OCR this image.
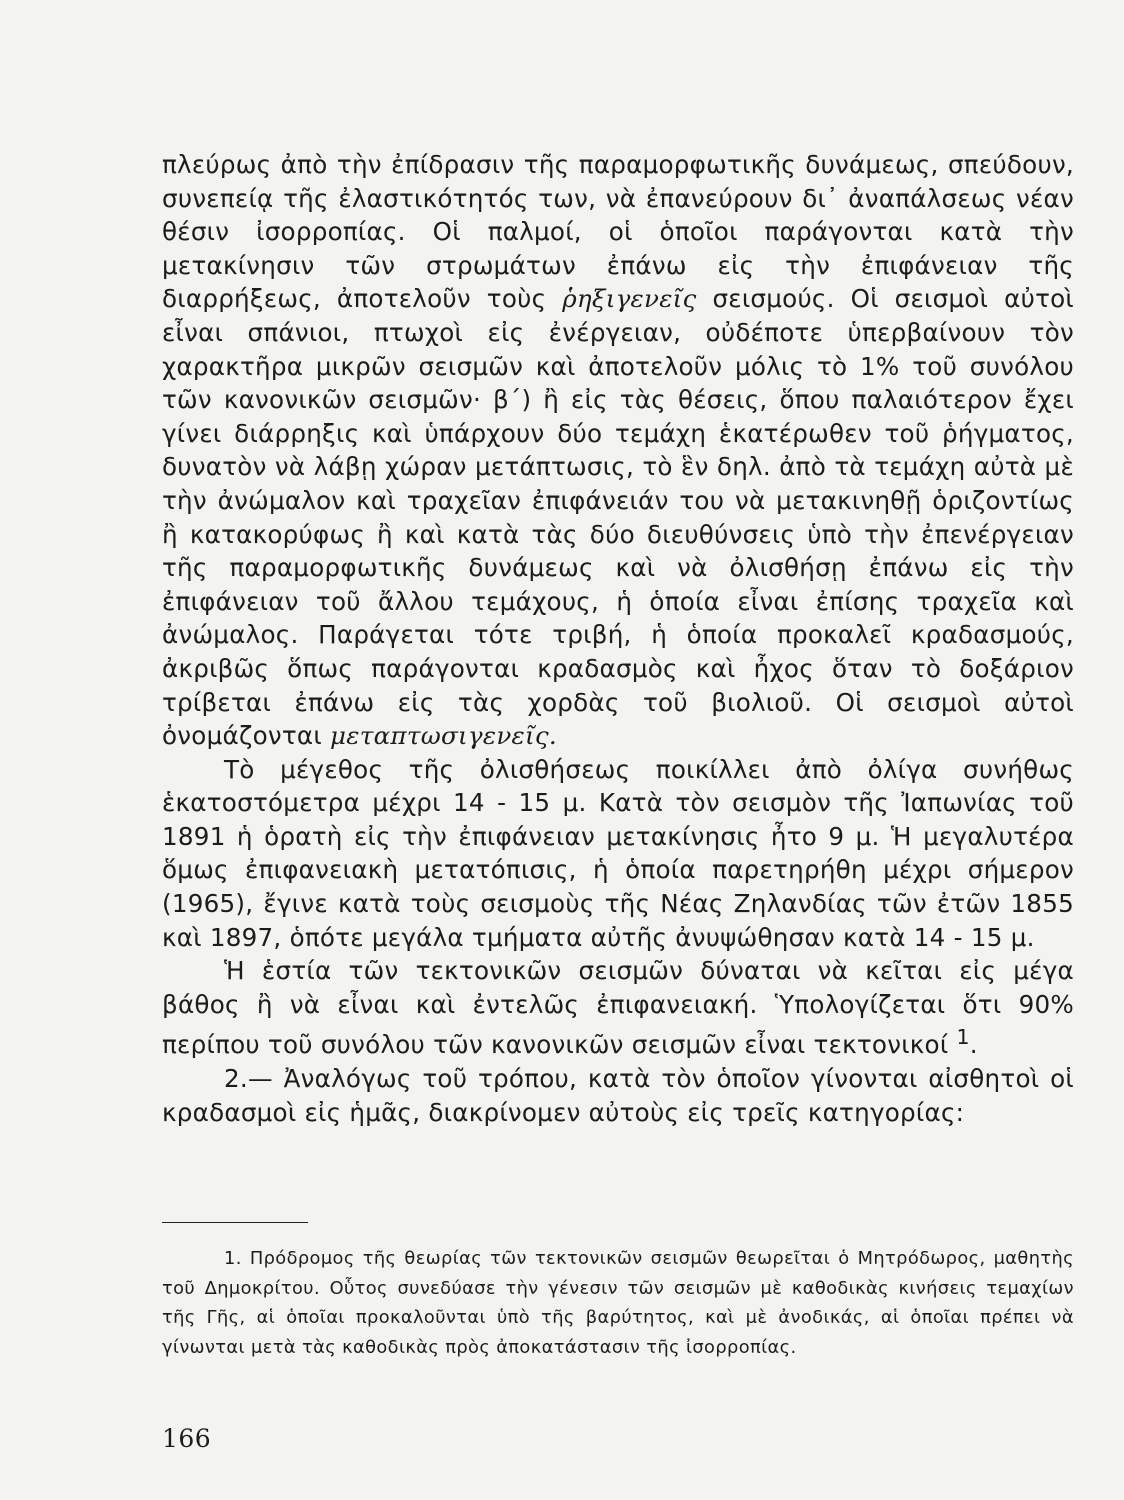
πλεύρως ἀπὸ τὴν ἐπίδρασιν τῆς παραμορφωτικῆς δυνάμεως, σπεύδουν, συνεπείᾳ τῆς ἐλαστικότητός των, νὰ ἐπανεύρουν δι᾿ ἀναπάλσεως νέαν θέσιν ἰσορροπίας. Οἱ παλμοί, οἱ ὁποῖοι παράγονται κατὰ τὴν μετακίνησιν τῶν στρωμάτων ἐπάνω εἰς τὴν ἐπιφάνειαν τῆς διαρρήξεως, ἀποτελοῦν τοὺς ῥηξιγενεῖς σεισμούς. Οἱ σεισμοὶ αὐτοὶ εἶναι σπάνιοι, πτωχοὶ εἰς ἐνέργειαν, οὐδέποτε ὑπερβαίνουν τὸν χαρακτῆρα μικρῶν σεισμῶν καὶ ἀποτελοῦν μόλις τὸ 1% τοῦ συνόλου τῶν κανονικῶν σεισμῶν· β΄) ἢ εἰς τὰς θέσεις, ὅπου παλαιότερον ἔχει γίνει διάρρηξις καὶ ὑπάρχουν δύο τεμάχη ἑκατέρωθεν τοῦ ῥήγματος, δυνατὸν νὰ λάβῃ χώραν μετάπτωσις, τὸ ἓν δηλ. ἀπὸ τὰ τεμάχη αὐτὰ μὲ τὴν ἀνώμαλον καὶ τραχεῖαν ἐπιφάνειάν του νὰ μετακινηθῇ ὁριζοντίως ἢ κατακορύφως ἢ καὶ κατὰ τὰς δύο διευθύνσεις ὑπὸ τὴν ἐπενέργειαν τῆς παραμορφωτικῆς δυνάμεως καὶ νὰ ὀλισθήσῃ ἐπάνω εἰς τὴν ἐπιφάνειαν τοῦ ἄλλου τεμάχους, ἡ ὁποία εἶναι ἐπίσης τραχεῖα καὶ ἀνώμαλος. Παράγεται τότε τριβή, ἡ ὁποία προκαλεῖ κραδασμούς, ἀκριβῶς ὅπως παράγονται κραδασμὸς καὶ ἦχος ὅταν τὸ δοξάριον τρίβεται ἐπάνω εἰς τὰς χορδὰς τοῦ βιολιοῦ. Οἱ σεισμοὶ αὐτοὶ ὀνομάζονται μεταπτωσιγενεῖς.

Τὸ μέγεθος τῆς ὀλισθήσεως ποικίλλει ἀπὸ ὀλίγα συνήθως ἑκατοστόμετρα μέχρι 14 - 15 μ. Κατὰ τὸν σεισμὸν τῆς Ἰαπωνίας τοῦ 1891 ἡ ὁρατὴ εἰς τὴν ἐπιφάνειαν μετακίνησις ἦτο 9 μ. Ἡ μεγαλυτέρα ὅμως ἐπιφανειακὴ μετατόπισις, ἡ ὁποία παρετηρήθη μέχρι σήμερον (1965), ἔγινε κατὰ τοὺς σεισμοὺς τῆς Νέας Ζηλανδίας τῶν ἐτῶν 1855 καὶ 1897, ὁπότε μεγάλα τμήματα αὐτῆς ἀνυψώθησαν κατὰ 14 - 15 μ.

Ἡ ἑστία τῶν τεκτονικῶν σεισμῶν δύναται νὰ κεῖται εἰς μέγα βάθος ἢ νὰ εἶναι καὶ ἐντελῶς ἐπιφανειακή. Ὑπολογίζεται ὅτι 90% περίπου τοῦ συνόλου τῶν κανονικῶν σεισμῶν εἶναι τεκτονικοί $^1$.

2.— Ἀναλόγως τοῦ τρόπου, κατὰ τὸν ὁποῖον γίνονται αἰσθητοὶ οἱ κραδασμοὶ εἰς ἡμᾶς, διακρίνομεν αὐτοὺς εἰς τρεῖς κατηγορίας:

1. Πρόδρομος τῆς θεωρίας τῶν τεκτονικῶν σεισμῶν θεωρεῖται ὁ Μητρόδωρος, μαθητὴς τοῦ Δημοκρίτου. Οὗτος συνεδύασε τὴν γένεσιν τῶν σεισμῶν μὲ καθοδικὰς κινήσεις τεμαχίων τῆς Γῆς, αἱ ὁποῖαι προκαλοῦνται ὑπὸ τῆς βαρύτητος, καὶ μὲ ἀνοδικάς, αἱ ὁποῖαι πρέπει νὰ γίνωνται μετὰ τὰς καθοδικὰς πρὸς ἀποκατάστασιν τῆς ἰσορροπίας.

166
